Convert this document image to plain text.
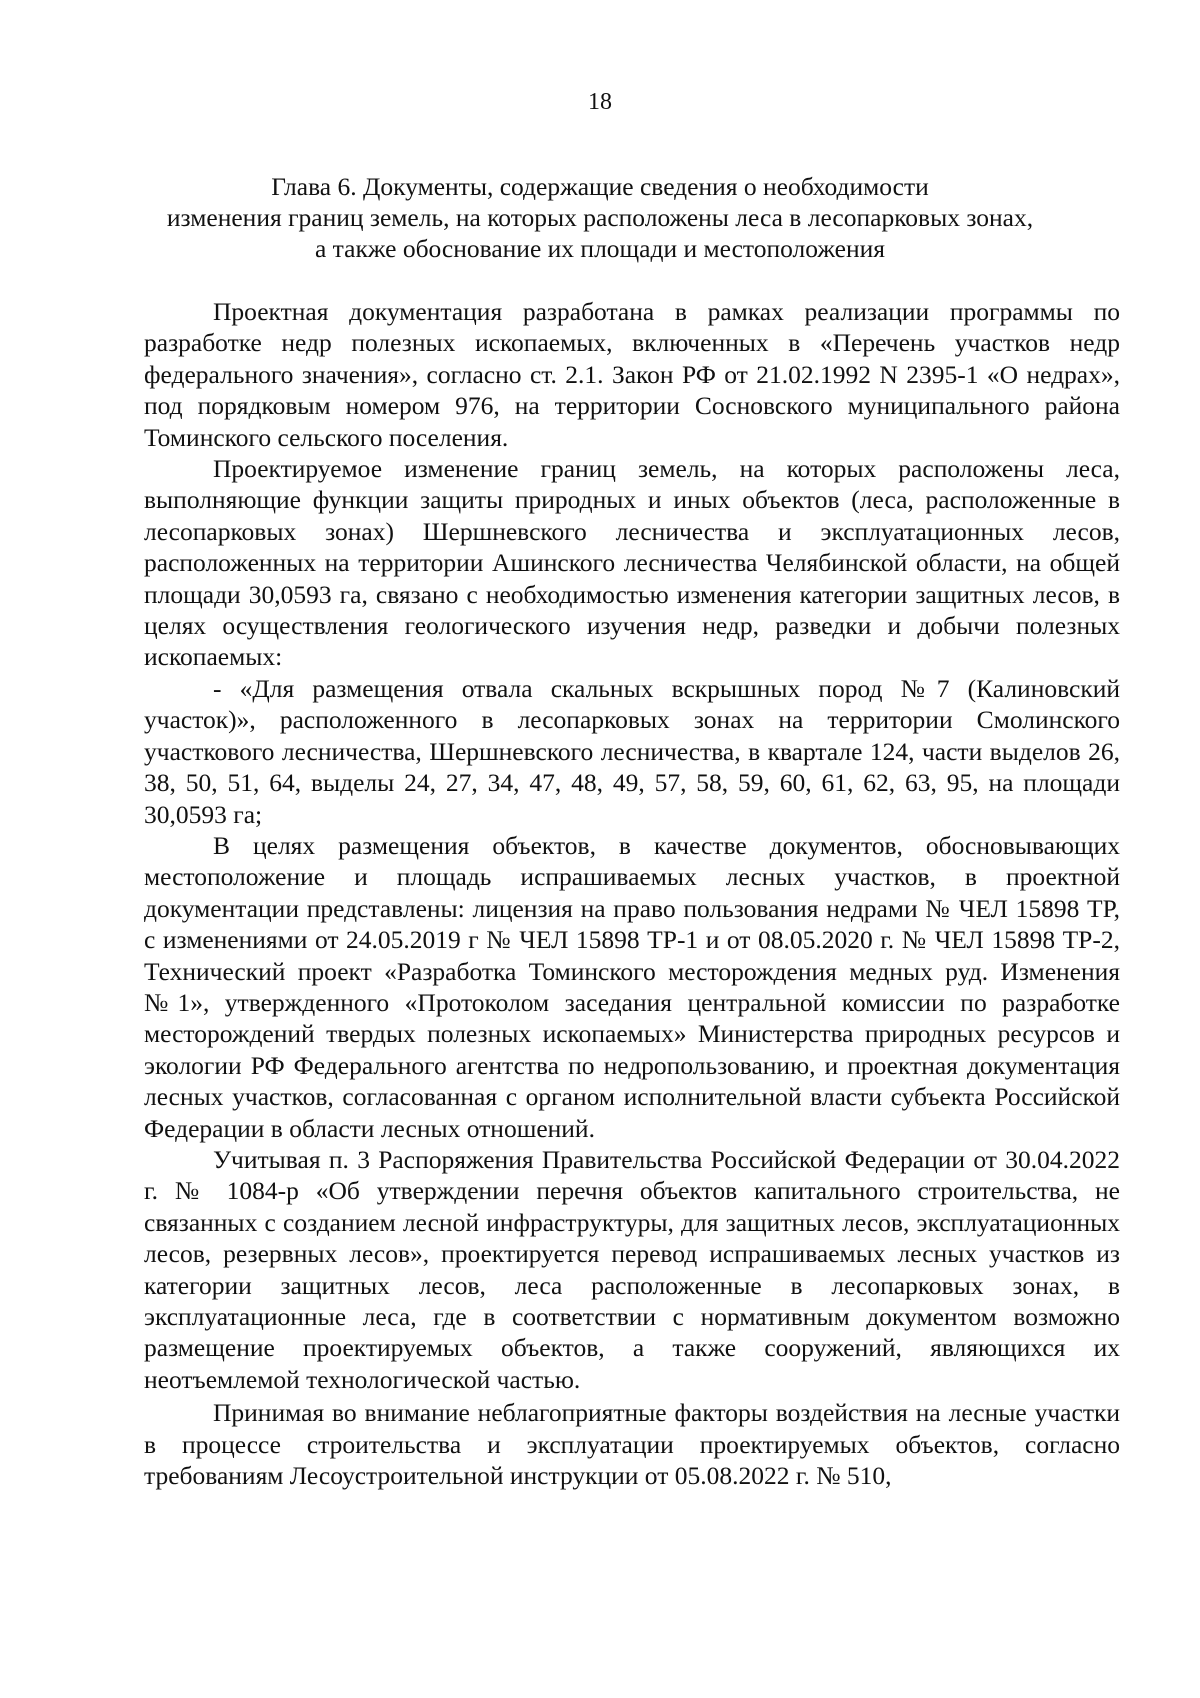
18
Глава 6. Документы, содержащие сведения о необходимости
изменения границ земель, на которых расположены леса в лесопарковых зонах,
а также обоснование их площади и местоположения

Проектная документация разработана в рамках реализации программы по разработке недр полезных ископаемых, включенных в «Перечень участков недр федерального значения», согласно ст. 2.1. Закон РФ от 21.02.1992 N 2395-1 «О недрах», под порядковым номером 976, на территории Сосновского муниципального района Томинского сельского поселения.

Проектируемое изменение границ земель, на которых расположены леса, выполняющие функции защиты природных и иных объектов (леса, расположенные в лесопарковых зонах) Шершневского лесничества и эксплуатационных лесов, расположенных на территории Ашинского лесничества Челябинской области, на общей площади 30,0593 га, связано с необходимостью изменения категории защитных лесов, в целях осуществления геологического изучения недр, разведки и добычи полезных ископаемых:

- «Для размещения отвала скальных вскрышных пород №7 (Калиновский участок)», расположенного в лесопарковых зонах на территории Смолинского участкового лесничества, Шершневского лесничества, в квартале 124, части выделов 26, 38, 50, 51, 64, выделы 24, 27, 34, 47, 48, 49, 57, 58, 59, 60, 61, 62, 63, 95, на площади 30,0593 га;

В целях размещения объектов, в качестве документов, обосновывающих местоположение и площадь испрашиваемых лесных участков, в проектной документации представлены: лицензия на право пользования недрами № ЧЕЛ 15898 ТР, с изменениями от 24.05.2019 г № ЧЕЛ 15898 ТР-1 и от 08.05.2020 г. № ЧЕЛ 15898 ТР-2, Технический проект «Разработка Томинского месторождения медных руд. Изменения №1», утвержденного «Протоколом заседания центральной комиссии по разработке месторождений твердых полезных ископаемых» Министерства природных ресурсов и экологии РФ Федерального агентства по недропользованию, и проектная документация лесных участков, согласованная с органом исполнительной власти субъекта Российской Федерации в области лесных отношений.

Учитывая п. 3 Распоряжения Правительства Российской Федерации от 30.04.2022 г. № 1084-р «Об утверждении перечня объектов капитального строительства, не связанных с созданием лесной инфраструктуры, для защитных лесов, эксплуатационных лесов, резервных лесов», проектируется перевод испрашиваемых лесных участков из категории защитных лесов, леса расположенные в лесопарковых зонах, в эксплуатационные леса, где в соответствии с нормативным документом возможно размещение проектируемых объектов, а также сооружений, являющихся их неотъемлемой технологической частью.

Принимая во внимание неблагоприятные факторы воздействия на лесные участки в процессе строительства и эксплуатации проектируемых объектов, согласно требованиям Лесоустроительной инструкции от 05.08.2022 г. № 510,
